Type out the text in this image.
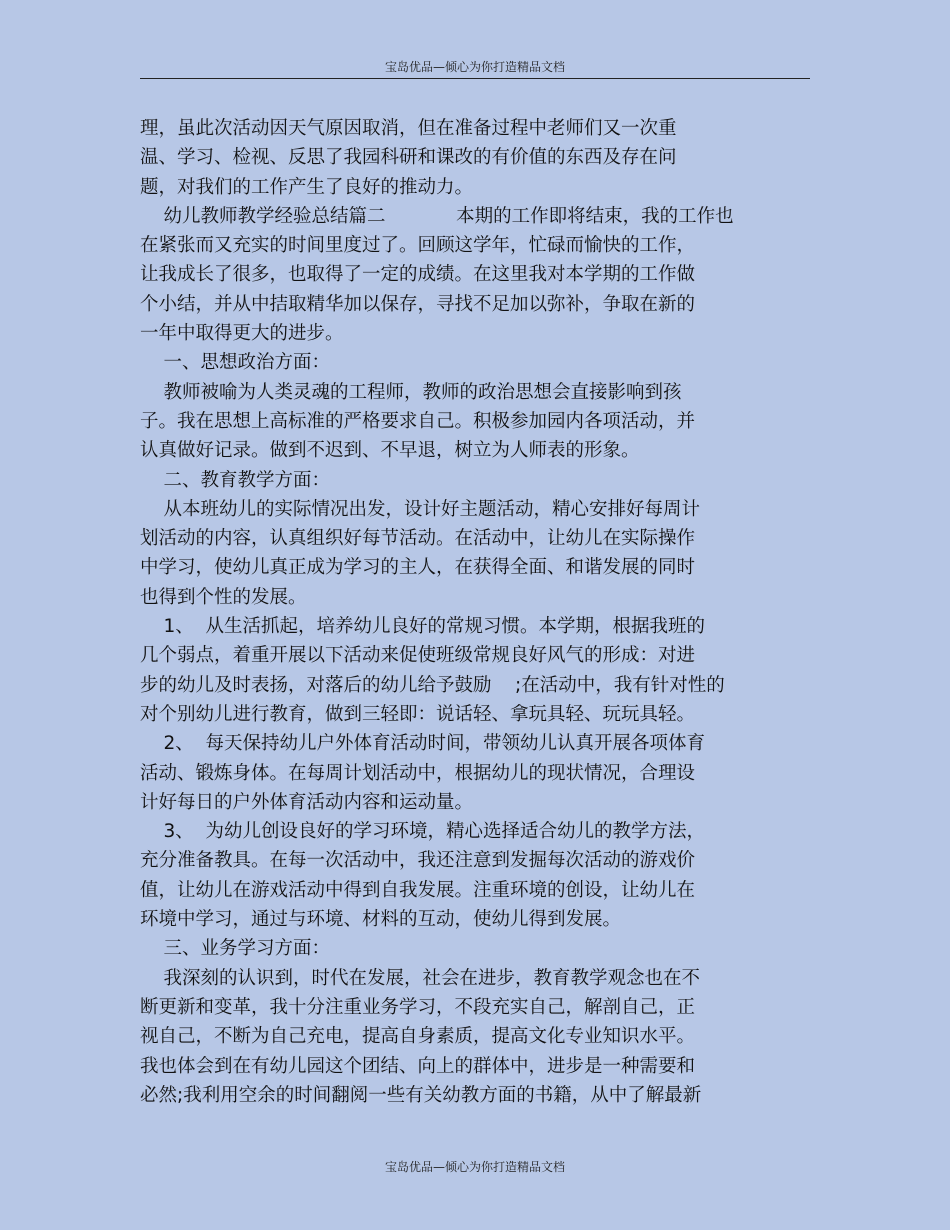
宝岛优品—倾心为你打造精品文档
理，虽此次活动因天气原因取消，但在准备过程中老师们又一次重
温、学习、检视、反思了我园科研和课改的有价值的东西及存在问
题，对我们的工作产生了良好的推动力。
幼儿教师教学经验总结篇二            本期的工作即将结束，我的工作也
在紧张而又充实的时间里度过了。回顾这学年，忙碌而愉快的工作，
让我成长了很多，也取得了一定的成绩。在这里我对本学期的工作做
个小结，并从中拮取精华加以保存，寻找不足加以弥补，争取在新的
一年中取得更大的进步。
一、思想政治方面：
教师被喻为人类灵魂的工程师，教师的政治思想会直接影响到孩
子。我在思想上高标准的严格要求自己。积极参加园内各项活动，并
认真做好记录。做到不迟到、不早退，树立为人师表的形象。
二、教育教学方面：
从本班幼儿的实际情况出发，设计好主题活动，精心安排好每周计
划活动的内容，认真组织好每节活动。在活动中，让幼儿在实际操作
中学习，使幼儿真正成为学习的主人，在获得全面、和谐发展的同时
也得到个性的发展。
1、  从生活抓起，培养幼儿良好的常规习惯。本学期，根据我班的
几个弱点，着重开展以下活动来促使班级常规良好风气的形成：对进
步的幼儿及时表扬，对落后的幼儿给予鼓励    ;在活动中，我有针对性的
对个别幼儿进行教育，做到三轻即：说话轻、拿玩具轻、玩玩具轻。
2、  每天保持幼儿户外体育活动时间，带领幼儿认真开展各项体育
活动、锻炼身体。在每周计划活动中，根据幼儿的现状情况，合理设
计好每日的户外体育活动内容和运动量。
3、  为幼儿创设良好的学习环境，精心选择适合幼儿的教学方法，
充分准备教具。在每一次活动中，我还注意到发掘每次活动的游戏价
值，让幼儿在游戏活动中得到自我发展。注重环境的创设，让幼儿在
环境中学习，通过与环境、材料的互动，使幼儿得到发展。
三、业务学习方面：
我深刻的认识到，时代在发展，社会在进步，教育教学观念也在不
断更新和变革，我十分注重业务学习，不段充实自己，解剖自己，正
视自己，不断为自己充电，提高自身素质，提高文化专业知识水平。
我也体会到在有幼儿园这个团结、向上的群体中，进步是一种需要和
必然;我利用空余的时间翻阅一些有关幼教方面的书籍，从中了解最新
宝岛优品—倾心为你打造精品文档
